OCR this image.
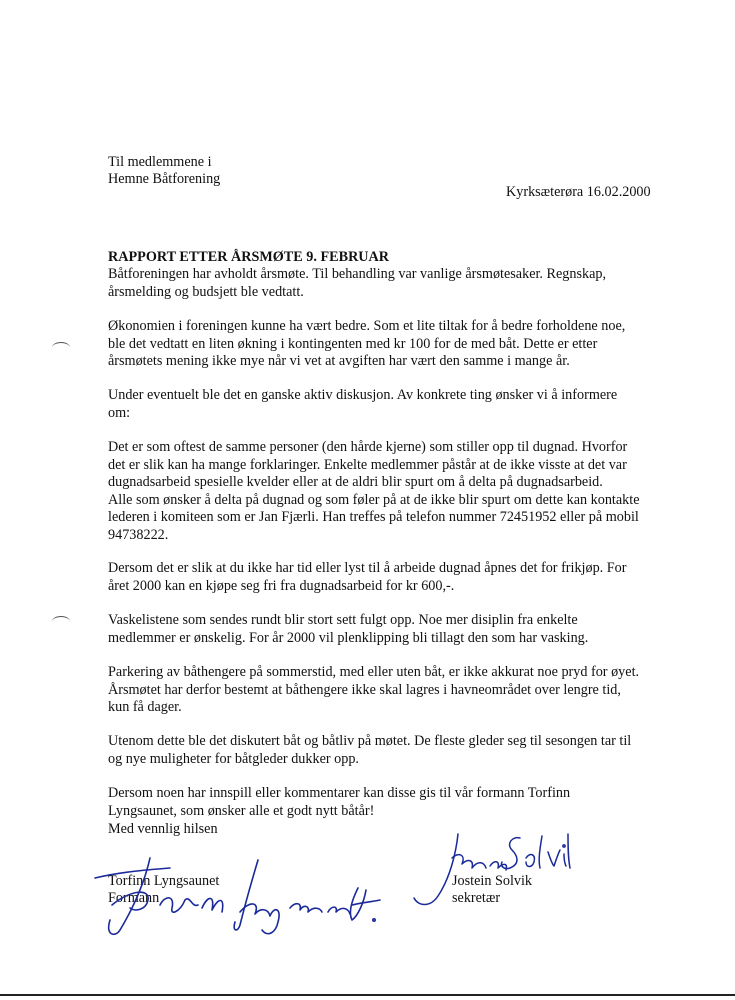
Til medlemmene i
Hemne Båtforening
Kyrksæterøra 16.02.2000
RAPPORT ETTER ÅRSMØTE 9. FEBRUAR

Båtforeningen har avholdt årsmøte. Til behandling var vanlige årsmøtesaker. Regnskap,

årsmelding og budsjett ble vedtatt.

Økonomien i foreningen kunne ha vært bedre. Som et lite tiltak for å bedre forholdene noe,

ble det vedtatt en liten økning i kontingenten med kr 100 for de med båt. Dette er etter

årsmøtets mening ikke mye når vi vet at avgiften har vært den samme i mange år.

Under eventuelt ble det en ganske aktiv diskusjon. Av konkrete ting ønsker vi å informere

om:

Det er som oftest de samme personer (den hårde kjerne) som stiller opp til dugnad. Hvorfor

det er slik kan ha mange forklaringer. Enkelte medlemmer påstår at de ikke visste at det var

dugnadsarbeid spesielle kvelder eller at de aldri blir spurt om å delta på dugnadsarbeid.

Alle som ønsker å delta på dugnad og som føler på at de ikke blir spurt om dette kan kontakte

lederen i komiteen som er Jan Fjærli. Han treffes på telefon nummer 72451952 eller på mobil

94738222.

Dersom det er slik at du ikke har tid eller lyst til å arbeide dugnad åpnes det for frikjøp. For

året 2000 kan en kjøpe seg fri fra dugnadsarbeid for kr 600,-.

Vaskelistene som sendes rundt blir stort sett fulgt opp. Noe mer disiplin fra enkelte

medlemmer er ønskelig. For år 2000 vil plenklipping bli tillagt den som har vasking.

Parkering av båthengere på sommerstid, med eller uten båt, er ikke akkurat noe pryd for øyet.

Årsmøtet har derfor bestemt at båthengere ikke skal lagres i havneområdet over lengre tid,

kun få dager.

Utenom dette ble det diskutert båt og båtliv på møtet. De fleste gleder seg til sesongen tar til

og nye muligheter for båtgleder dukker opp.

Dersom noen har innspill eller kommentarer kan disse gis til vår formann Torfinn

Lyngsaunet, som ønsker alle et godt nytt båtår!

Med vennlig hilsen
Torfinn Lyngsaunet
Formann
Jostein Solvik
sekretær
